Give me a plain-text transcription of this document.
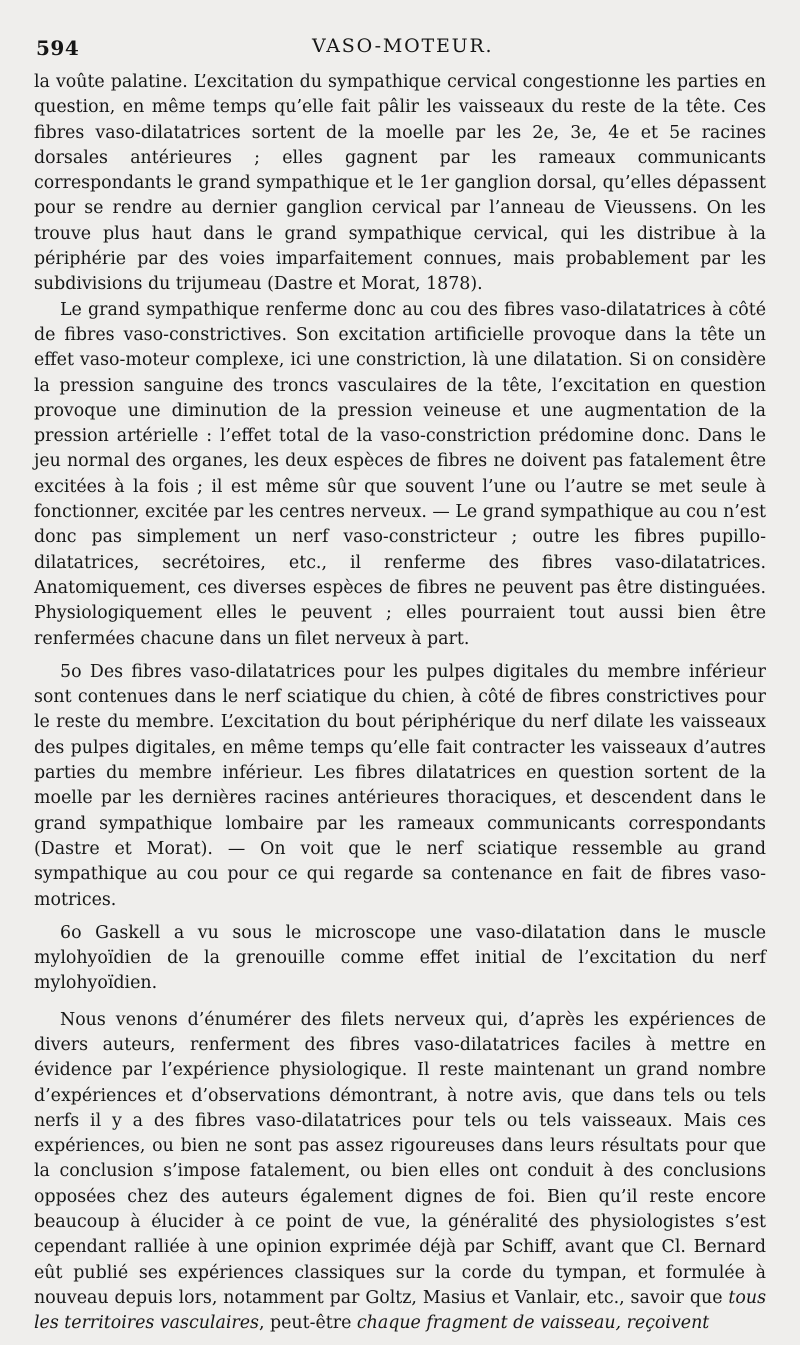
594	VASO-MOTEUR.

la voûte palatine. L’excitation du sympathique cervical congestionne les parties en question, en même temps qu’elle fait pâlir les vaisseaux du reste de la tête. Ces fibres vaso-dilatatrices sortent de la moelle par les 2e, 3e, 4e et 5e racines dorsales antérieures ; elles gagnent par les rameaux communicants correspondants le grand sympathique et le 1er ganglion dorsal, qu’elles dépassent pour se rendre au dernier ganglion cervical par l’anneau de Vieussens. On les trouve plus haut dans le grand sympathique cervical, qui les distribue à la périphérie par des voies imparfaitement connues, mais probablement par les subdivisions du trijumeau (Dastre et Morat, 1878).

Le grand sympathique renferme donc au cou des fibres vaso-dilatatrices à côté de fibres vaso-constrictives. Son excitation artificielle provoque dans la tête un effet vaso-moteur complexe, ici une constriction, là une dilatation. Si on considère la pression sanguine des troncs vasculaires de la tête, l’excitation en question provoque une diminution de la pression veineuse et une augmentation de la pression artérielle : l’effet total de la vaso-constriction prédomine donc. Dans le jeu normal des organes, les deux espèces de fibres ne doivent pas fatalement être excitées à la fois ; il est même sûr que souvent l’une ou l’autre se met seule à fonctionner, excitée par les centres nerveux. — Le grand sympathique au cou n’est donc pas simplement un nerf vaso-constricteur ; outre les fibres pupillo-dilatatrices, secrétoires, etc., il renferme des fibres vaso-dilatatrices. Anatomiquement, ces diverses espèces de fibres ne peuvent pas être distinguées. Physiologiquement elles le peuvent ; elles pourraient tout aussi bien être renfermées chacune dans un filet nerveux à part.

5o Des fibres vaso-dilatatrices pour les pulpes digitales du membre inférieur sont contenues dans le nerf sciatique du chien, à côté de fibres constrictives pour le reste du membre. L’excitation du bout périphérique du nerf dilate les vaisseaux des pulpes digitales, en même temps qu’elle fait contracter les vaisseaux d’autres parties du membre inférieur. Les fibres dilatatrices en question sortent de la moelle par les dernières racines antérieures thoraciques, et descendent dans le grand sympathique lombaire par les rameaux communicants correspondants (Dastre et Morat). — On voit que le nerf sciatique ressemble au grand sympathique au cou pour ce qui regarde sa contenance en fait de fibres vaso-motrices.

6o Gaskell a vu sous le microscope une vaso-dilatation dans le muscle mylohyoïdien de la grenouille comme effet initial de l’excitation du nerf mylohyoïdien.

Nous venons d’énumérer des filets nerveux qui, d’après les expériences de divers auteurs, renferment des fibres vaso-dilatatrices faciles à mettre en évidence par l’expérience physiologique. Il reste maintenant un grand nombre d’expériences et d’observations démontrant, à notre avis, que dans tels ou tels nerfs il y a des fibres vaso-dilatatrices pour tels ou tels vaisseaux. Mais ces expériences, ou bien ne sont pas assez rigoureuses dans leurs résultats pour que la conclusion s’impose fatalement, ou bien elles ont conduit à des conclusions opposées chez des auteurs également dignes de foi. Bien qu’il reste encore beaucoup à élucider à ce point de vue, la généralité des physiologistes s’est cependant ralliée à une opinion exprimée déjà par Schiff, avant que Cl. Bernard eût publié ses expériences classiques sur la corde du tympan, et formulée à nouveau depuis lors, notamment par Goltz, Masius et Vanlair, etc., savoir que tous les territoires vasculaires, peut-être chaque fragment de vaisseau, reçoivent
